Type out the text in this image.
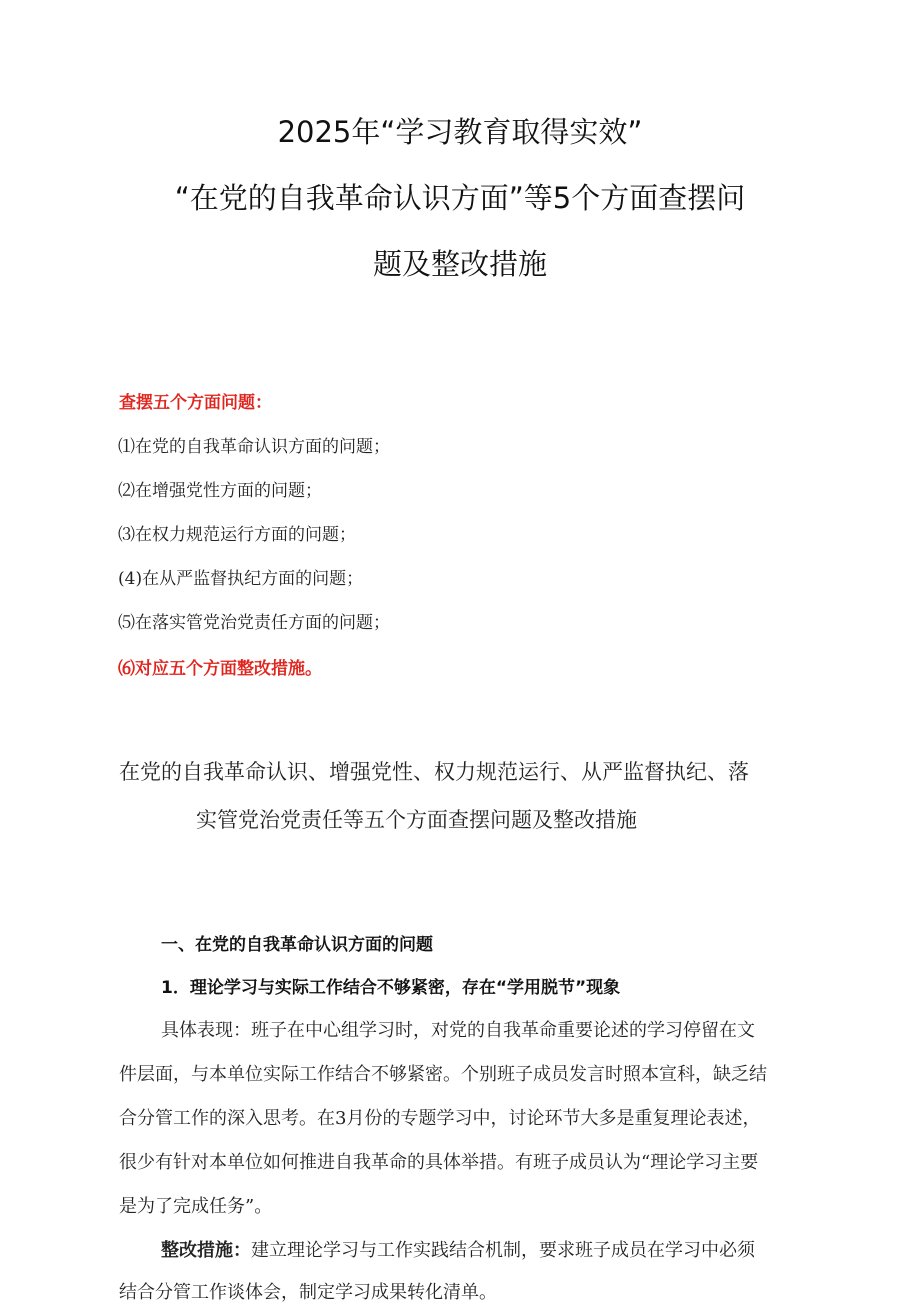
2025年“学习教育取得实效”
“在党的自我革命认识方面”等5个方面查摆问
题及整改措施
查摆五个方面问题：
⑴在党的自我革命认识方面的问题；
⑵在增强党性方面的问题；
⑶在权力规范运行方面的问题；
(4)在从严监督执纪方面的问题；
⑸在落实管党治党责任方面的问题；
⑹对应五个方面整改措施。
在党的自我革命认识、增强党性、权力规范运行、从严监督执纪、落
实管党治党责任等五个方面查摆问题及整改措施
一、在党的自我革命认识方面的问题
1．理论学习与实际工作结合不够紧密，存在“学用脱节”现象
具体表现：班子在中心组学习时，对党的自我革命重要论述的学习停留在文
件层面，与本单位实际工作结合不够紧密。个别班子成员发言时照本宣科，缺乏结
合分管工作的深入思考。在3月份的专题学习中，讨论环节大多是重复理论表述，
很少有针对本单位如何推进自我革命的具体举措。有班子成员认为“理论学习主要
是为了完成任务”。
整改措施：建立理论学习与工作实践结合机制，要求班子成员在学习中必须
结合分管工作谈体会，制定学习成果转化清单。
